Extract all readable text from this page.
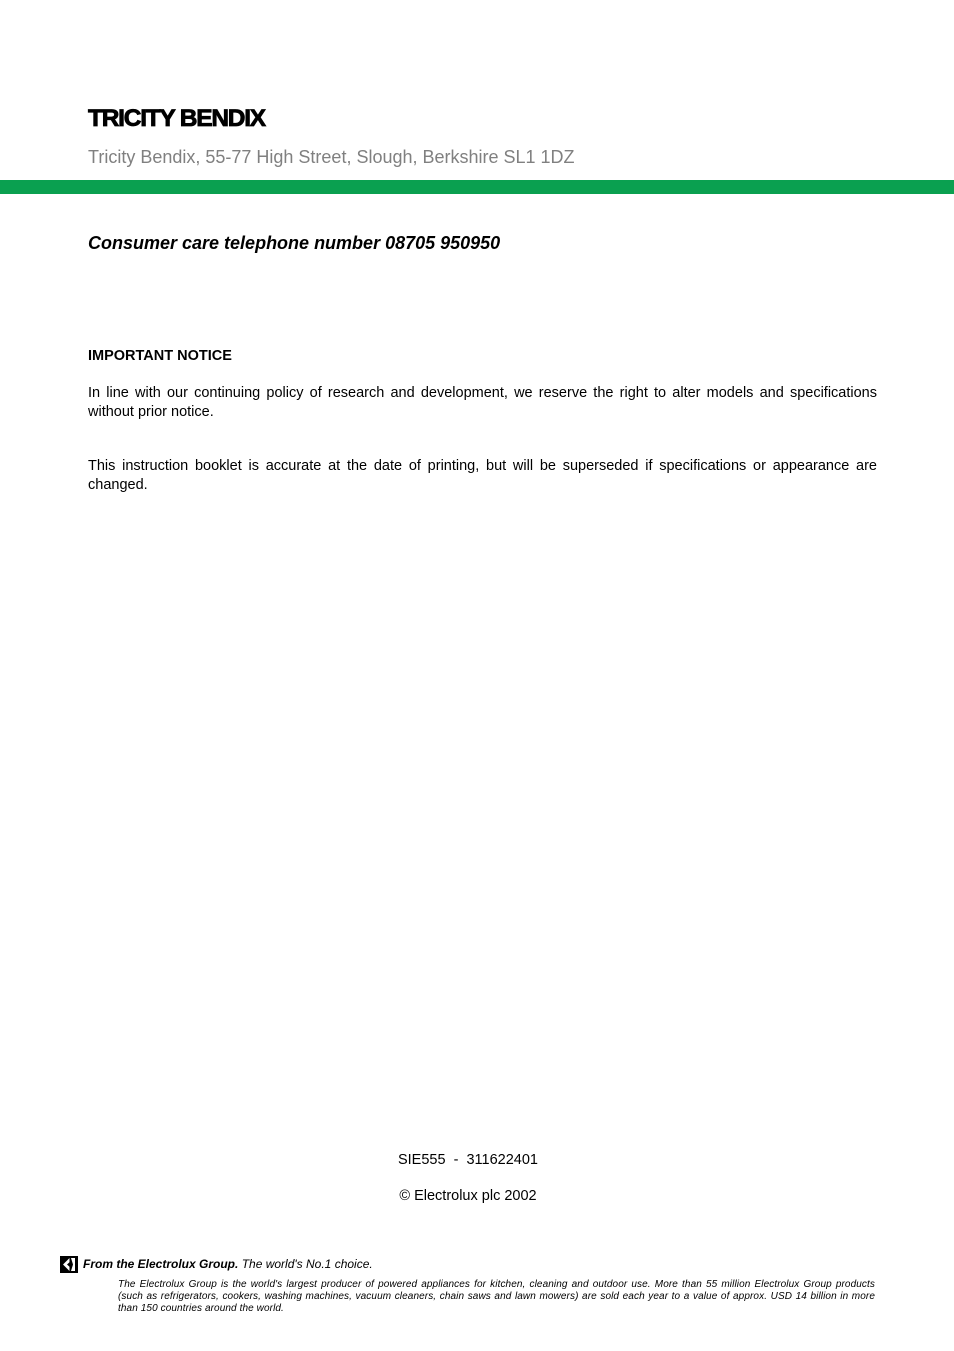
TRICITY BENDIX
Tricity Bendix, 55-77 High Street, Slough, Berkshire SL1 1DZ
Consumer care telephone number 08705 950950
IMPORTANT NOTICE
In line with our continuing policy of research and development, we reserve the right to alter models and specifications without prior notice.
This instruction booklet is accurate at the date of printing, but will be superseded if specifications or appearance are changed.
SIE555  -  311622401
© Electrolux plc 2002
From the Electrolux Group. The world's No.1 choice.
The Electrolux Group is the world's largest producer of powered appliances for kitchen, cleaning and outdoor use. More than 55 million Electrolux Group products (such as refrigerators, cookers, washing machines, vacuum cleaners, chain saws and lawn mowers) are sold each year to a value of approx. USD 14 billion in more than 150 countries around the world.
